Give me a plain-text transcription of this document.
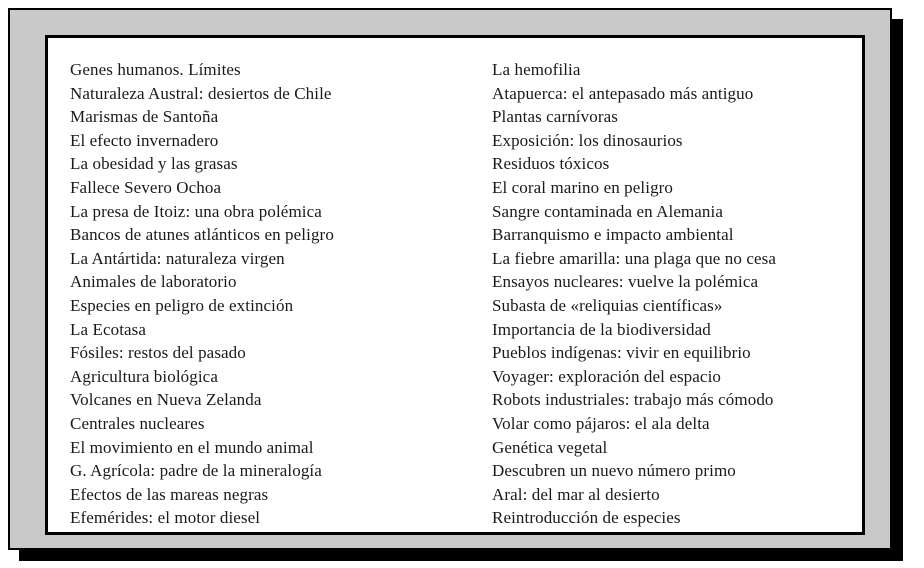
Genes humanos. Límites
Naturaleza Austral: desiertos de Chile
Marismas de Santoña
El efecto invernadero
La obesidad y las grasas
Fallece Severo Ochoa
La presa de Itoiz: una obra polémica
Bancos de atunes atlánticos en peligro
La Antártida: naturaleza virgen
Animales de laboratorio
Especies en peligro de extinción
La Ecotasa
Fósiles: restos del pasado
Agricultura biológica
Volcanes en Nueva Zelanda
Centrales nucleares
El movimiento en el mundo animal
G. Agrícola: padre de la mineralogía
Efectos de las mareas negras
Efemérides: el motor diesel
La hemofilia
Atapuerca: el antepasado más antiguo
Plantas carnívoras
Exposición: los dinosaurios
Residuos tóxicos
El coral marino en peligro
Sangre contaminada en Alemania
Barranquismo e impacto ambiental
La fiebre amarilla: una plaga que no cesa
Ensayos nucleares: vuelve la polémica
Subasta de «reliquias científicas»
Importancia de la biodiversidad
Pueblos indígenas: vivir en equilibrio
Voyager: exploración del espacio
Robots industriales: trabajo más cómodo
Volar como pájaros: el ala delta
Genética vegetal
Descubren un nuevo número primo
Aral: del mar al desierto
Reintroducción de especies
